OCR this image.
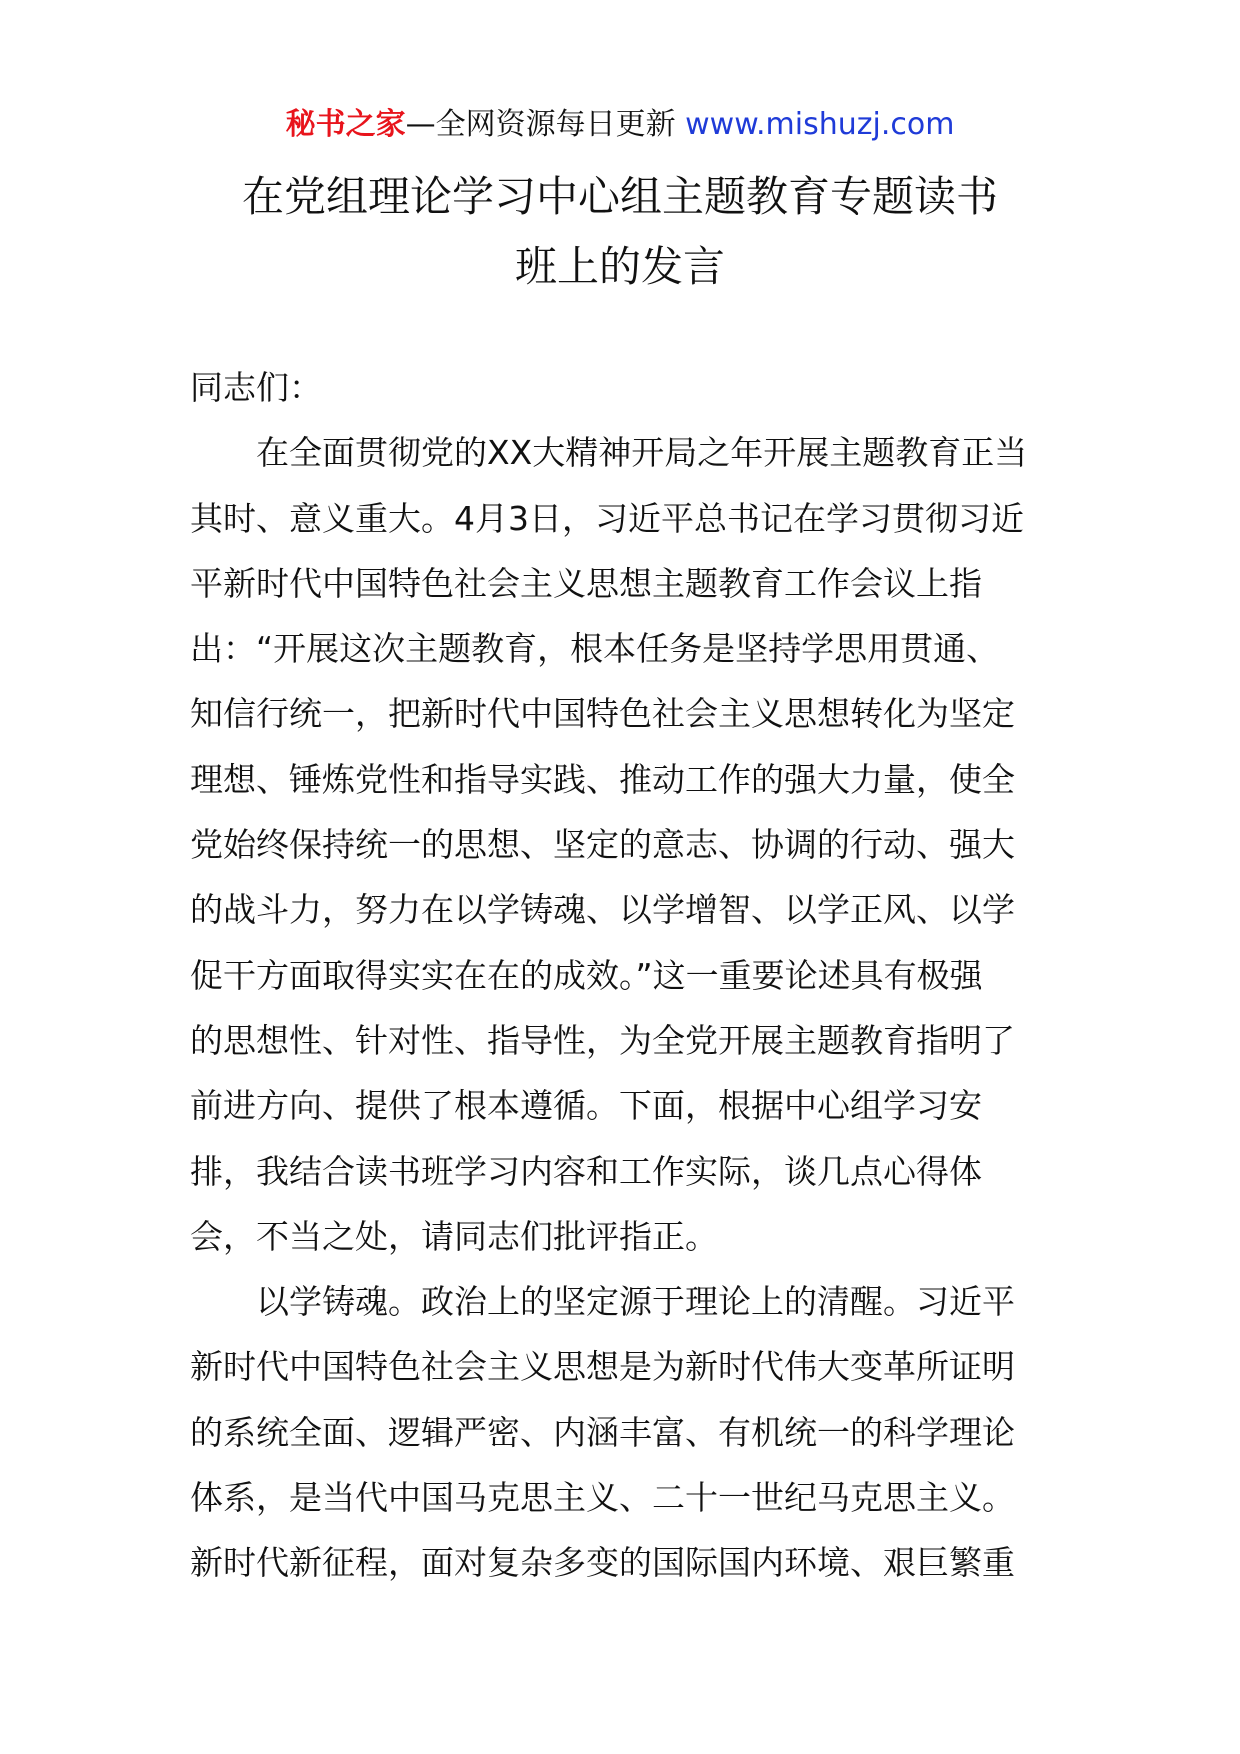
秘书之家—全网资源每日更新 www.mishuzj.com
在党组理论学习中心组主题教育专题读书
班上的发言
同志们：
　　在全面贯彻党的XX大精神开局之年开展主题教育正当
其时、意义重大。4月3日，习近平总书记在学习贯彻习近
平新时代中国特色社会主义思想主题教育工作会议上指
出：“开展这次主题教育，根本任务是坚持学思用贯通、
知信行统一，把新时代中国特色社会主义思想转化为坚定
理想、锤炼党性和指导实践、推动工作的强大力量，使全
党始终保持统一的思想、坚定的意志、协调的行动、强大
的战斗力，努力在以学铸魂、以学增智、以学正风、以学
促干方面取得实实在在的成效。”这一重要论述具有极强
的思想性、针对性、指导性，为全党开展主题教育指明了
前进方向、提供了根本遵循。下面，根据中心组学习安
排，我结合读书班学习内容和工作实际，谈几点心得体
会，不当之处，请同志们批评指正。
　　以学铸魂。政治上的坚定源于理论上的清醒。习近平
新时代中国特色社会主义思想是为新时代伟大变革所证明
的系统全面、逻辑严密、内涵丰富、有机统一的科学理论
体系，是当代中国马克思主义、二十一世纪马克思主义。
新时代新征程，面对复杂多变的国际国内环境、艰巨繁重
